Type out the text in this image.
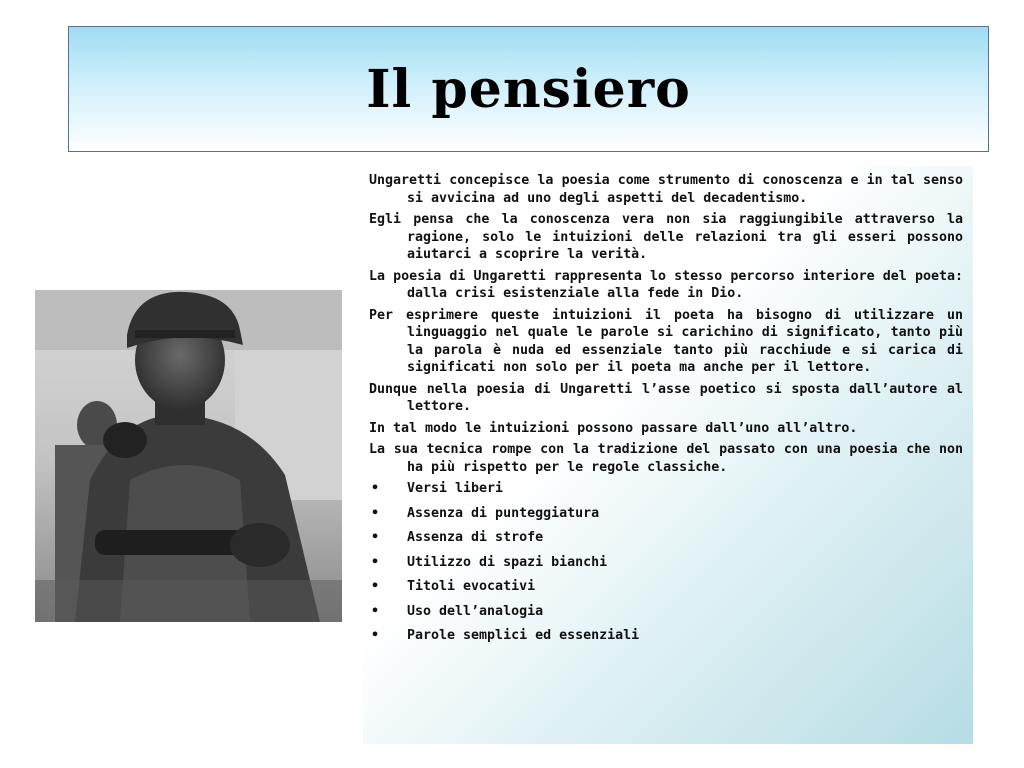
Il pensiero

Ungaretti concepisce la poesia come strumento di conoscenza e in tal senso si avvicina ad uno degli aspetti del decadentismo.

Egli pensa che la conoscenza vera non sia raggiungibile attraverso la ragione, solo le intuizioni delle relazioni tra gli esseri possono aiutarci a scoprire la verità.

La poesia di Ungaretti rappresenta lo stesso percorso interiore del poeta: dalla crisi esistenziale alla fede in Dio.

Per esprimere queste intuizioni il poeta ha bisogno di utilizzare un linguaggio nel quale le parole si carichino di significato, tanto più la parola è nuda ed essenziale tanto più racchiude e si carica di significati non solo per il poeta ma anche per il lettore.

Dunque nella poesia di Ungaretti l’asse poetico si sposta dall’autore al lettore.

In tal modo le intuizioni possono passare dall’uno all’altro.

La sua tecnica rompe con la tradizione del passato con una poesia che non ha più rispetto per le regole classiche.

•	Versi liberi
•	Assenza di punteggiatura
•	Assenza di strofe
•	Utilizzo di spazi bianchi
•	Titoli evocativi
•	Uso dell’analogia
•	Parole semplici ed essenziali
